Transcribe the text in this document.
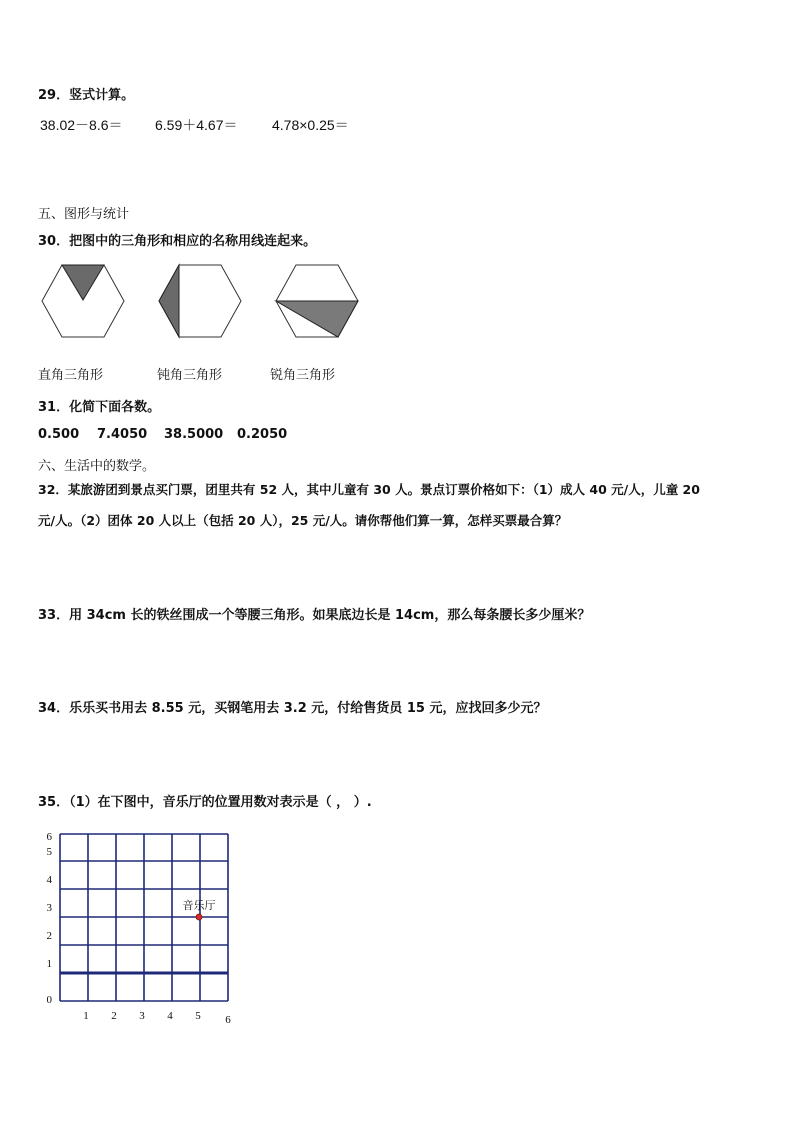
29．竖式计算。
38.02－8.6＝ 6.59＋4.67＝ 4.78×0.25＝
五、图形与统计
30．把图中的三角形和相应的名称用线连起来。
直角三角形	钝角三角形	锐角三角形
31．化简下面各数。
0.500 7.4050 38.5000 0.2050
六、生活中的数学。
32．某旅游团到景点买门票，团里共有 52 人，其中儿童有 30 人。景点订票价格如下：（1）成人 40 元/人，儿童 20
元/人。（2）团体 20 人以上（包括 20 人），25 元/人。请你帮他们算一算，怎样买票最合算？
33．用 34cm 长的铁丝围成一个等腰三角形。如果底边长是 14cm，那么每条腰长多少厘米？
34．乐乐买书用去 8.55 元，买钢笔用去 3.2 元，付给售货员 15 元，应找回多少元？
35．（1）在下图中，音乐厅的位置用数对表示是（ ， ）.
0
1
2
3
4
5
6
1 2 3 4 5 6
音乐厅
